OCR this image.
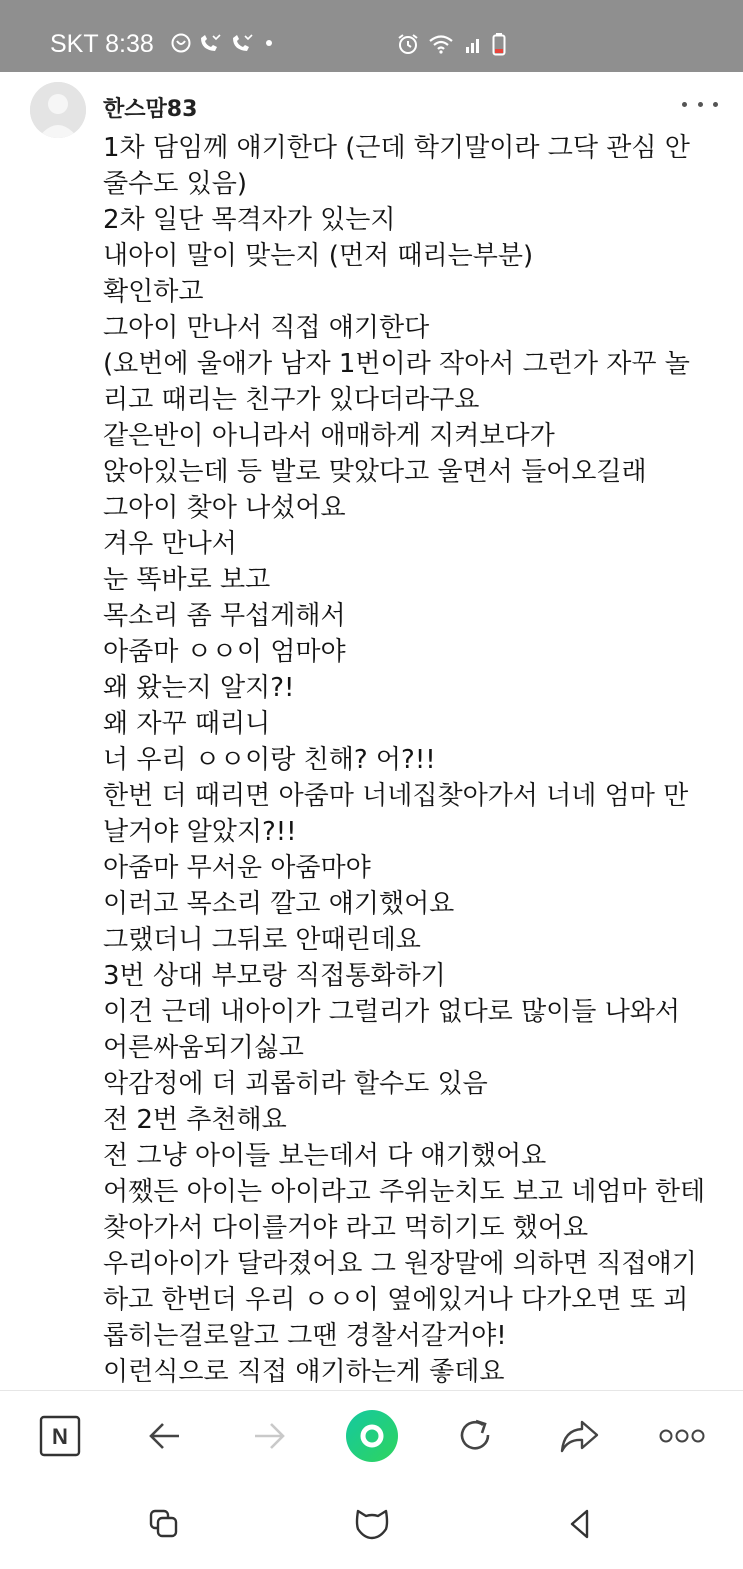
SKT 8:38
한스맘83
1차 담임께 얘기한다 (근데 학기말이라 그닥 관심 안
줄수도 있음)
2차 일단 목격자가 있는지
내아이 말이 맞는지 (먼저 때리는부분)
확인하고
그아이 만나서 직접 얘기한다
(요번에 울애가 남자 1번이라 작아서 그런가 자꾸 놀
리고 때리는 친구가 있다더라구요
같은반이 아니라서 애매하게 지켜보다가
앉아있는데 등 발로 맞았다고 울면서 들어오길래
그아이 찾아 나섰어요
겨우 만나서
눈 똑바로 보고
목소리 좀 무섭게해서
아줌마 ㅇㅇ이 엄마야
왜 왔는지 알지?!
왜 자꾸 때리니
너 우리 ㅇㅇ이랑 친해? 어?!!
한번 더 때리면 아줌마 너네집찾아가서 너네 엄마 만
날거야 알았지?!!
아줌마 무서운 아줌마야
이러고 목소리 깔고 얘기했어요
그랬더니 그뒤로 안때린데요
3번 상대 부모랑 직접통화하기
이건 근데 내아이가 그럴리가 없다로 많이들 나와서
어른싸움되기싫고
악감정에 더 괴롭히라 할수도 있음
전 2번 추천해요
전 그냥 아이들 보는데서 다 얘기했어요
어쨌든 아이는 아이라고 주위눈치도 보고 네엄마 한테
찾아가서 다이를거야 라고 먹히기도 했어요
우리아이가 달라졌어요 그 원장말에 의하면 직접얘기
하고 한번더 우리 ㅇㅇ이 옆에있거나 다가오면 또 괴
롭히는걸로알고 그땐 경찰서갈거야!
이런식으로 직접 얘기하는게 좋데요
N
